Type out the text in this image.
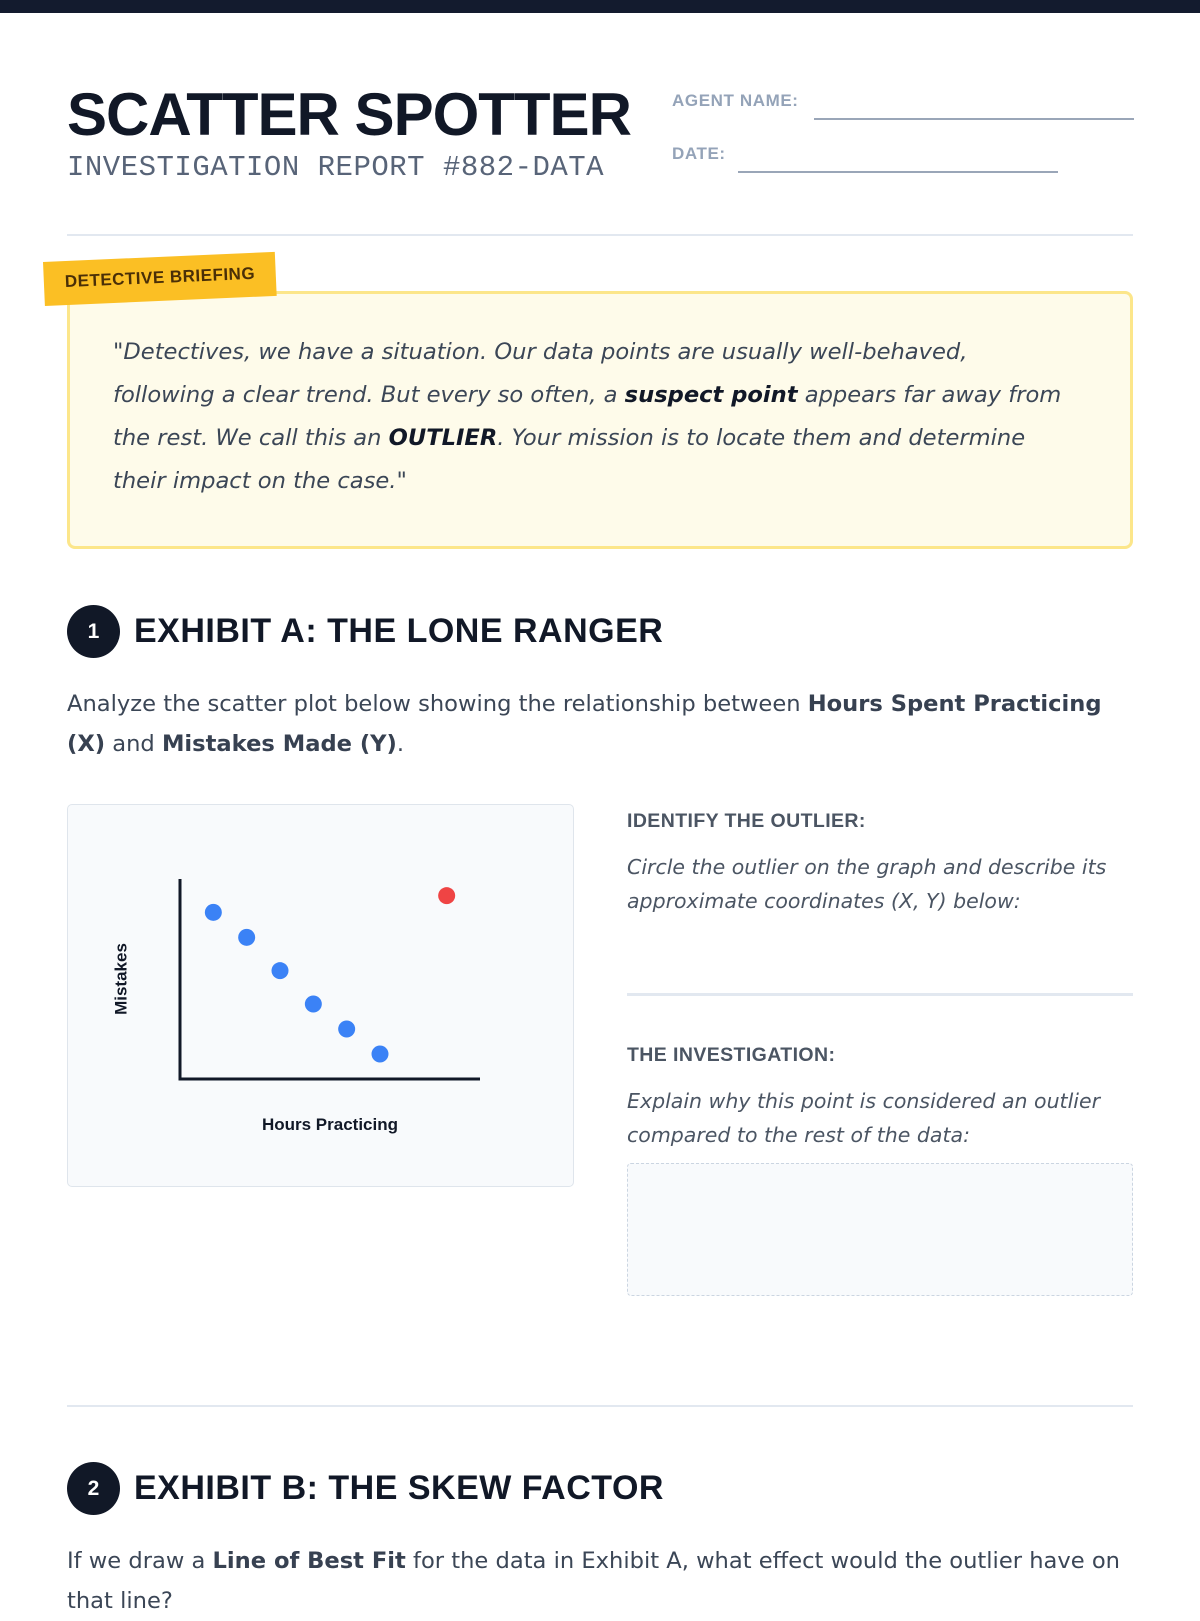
SCATTER SPOTTER
INVESTIGATION REPORT #882-DATA
AGENT NAME:
DATE:

"Detectives, we have a situation. Our data points are usually well-behaved, following a clear trend. But every so often, a suspect point appears far away from the rest. We call this an OUTLIER. Your mission is to locate them and determine their impact on the case."

DETECTIVE BRIEFING
1	EXHIBIT A: THE LONE RANGER

Analyze the scatter plot below showing the relationship between Hours Spent Practicing (X) and Mistakes Made (Y).

Mistakes
Hours Practicing
IDENTIFY THE OUTLIER:

Circle the outlier on the graph and describe its approximate coordinates (X, Y) below:

THE INVESTIGATION:

Explain why this point is considered an outlier compared to the rest of the data:

2	EXHIBIT B: THE SKEW FACTOR

If we draw a Line of Best Fit for the data in Exhibit A, what effect would the outlier have on that line?
